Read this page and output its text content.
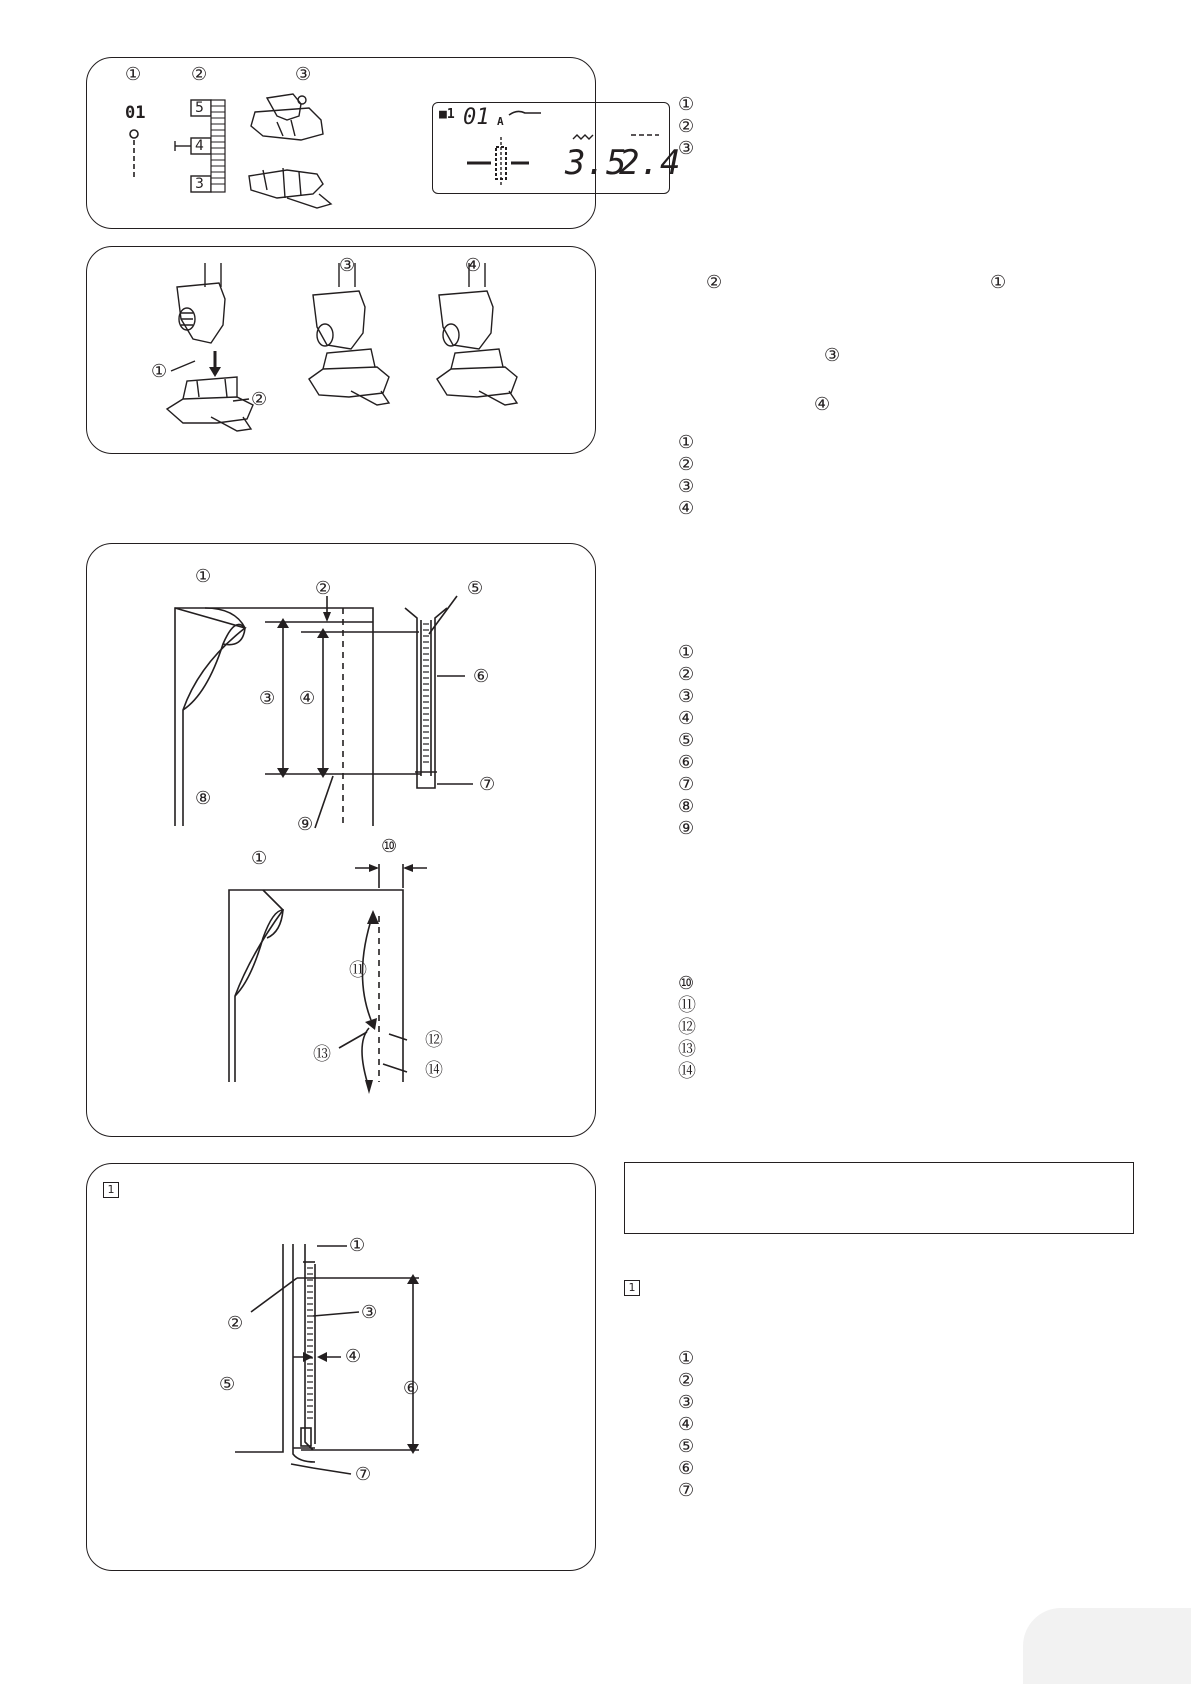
①	②	③
01	5
4
3
■1 01 A
3.5
2.4
①
②
③
①
②
③	④
②	①
③
④
①
②
③
④
①
②
③ ④
⑤
⑥
⑦
⑧
⑨
⑩
①
⑪
⑫
⑬
⑭
①
②
③
④
⑤
⑥
⑦
⑧
⑨
⑩
⑪
⑫
⑬
⑭
1
①
②
③
④
⑤	⑥
⑦
1
①
②
③
④
⑤
⑥
⑦
